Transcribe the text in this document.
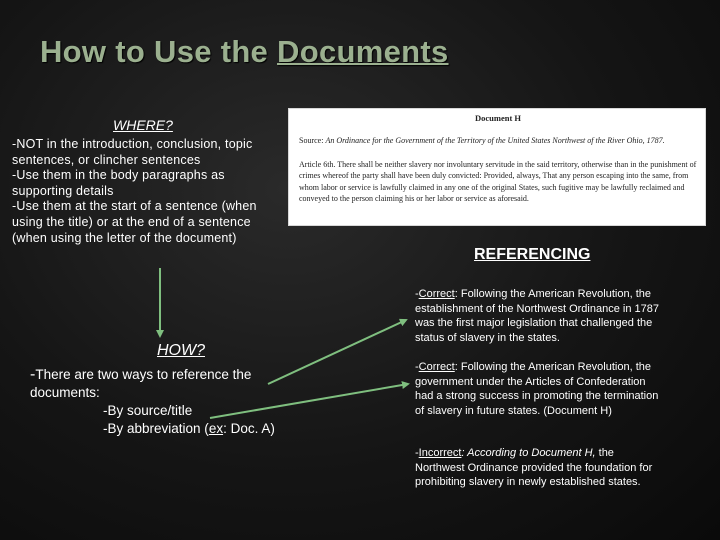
How to Use the Documents
WHERE?
-NOT in the introduction, conclusion, topic sentences, or clincher sentences
-Use them in the body paragraphs as supporting details
-Use them at the start of a sentence (when using the title) or at the end of a sentence (when using the letter of the document)
Document H
Source: An Ordinance for the Government of the Territory of the United States Northwest of the River Ohio, 1787.
Article 6th. There shall be neither slavery nor involuntary servitude in the said territory, otherwise than in the punishment of crimes whereof the party shall have been duly convicted: Provided, always, That any person escaping into the same, from whom labor or service is lawfully claimed in any one of the original States, such fugitive may be lawfully reclaimed and conveyed to the person claiming his or her labor or service as aforesaid.
REFERENCING
-Correct: Following the American Revolution, the establishment of the Northwest Ordinance in 1787 was the first major legislation that challenged the status of slavery in the states.
-Correct: Following the American Revolution, the government under the Articles of Confederation had a strong success in promoting the termination of slavery in future states. (Document H)
-Incorrect: According to Document H, the Northwest Ordinance provided the foundation for prohibiting slavery in newly established states.
HOW?
-There are two ways to reference the documents:
-By source/title
-By abbreviation (ex: Doc. A)
